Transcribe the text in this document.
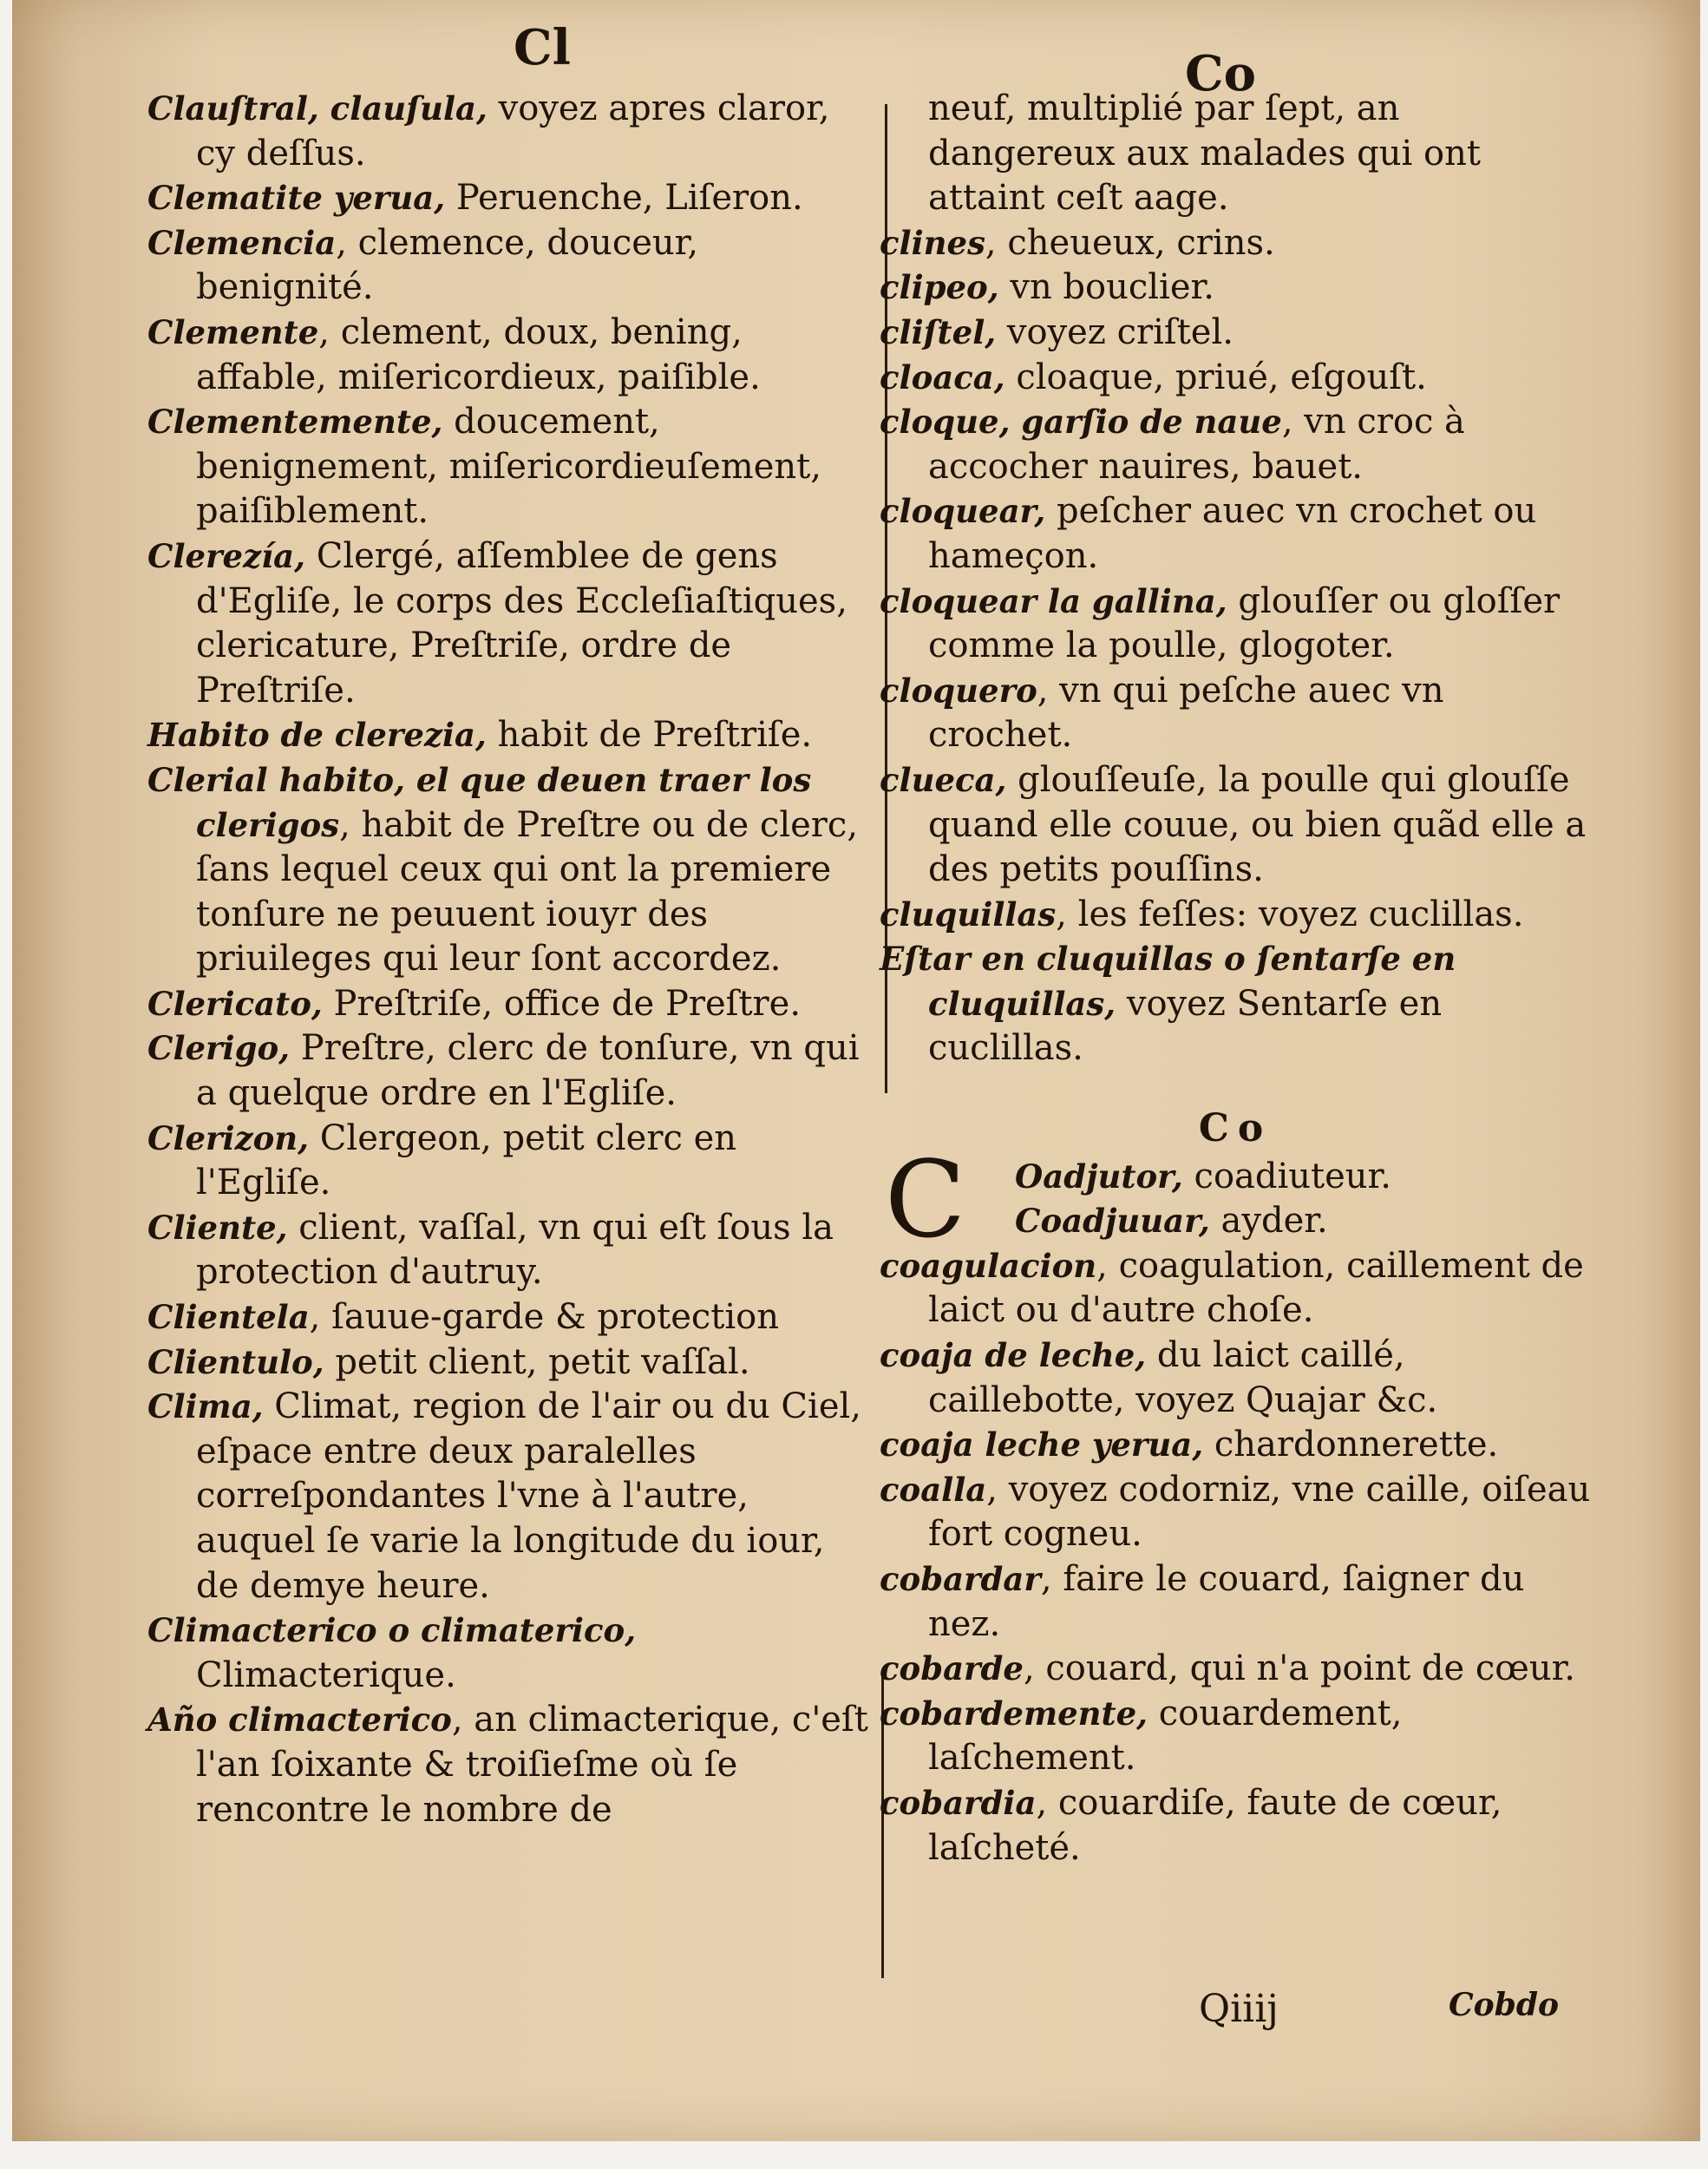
Cl	Co
Clauſtral, clauſula, voyez apres claror, cy deſſus.
Clematite yerua, Peruenche, Liſeron.
Clemencia, clemence, douceur, benignité.
Clemente, clement, doux, bening, affable, miſericordieux, paiſible.
Clementemente, doucement, benignement, miſericordieuſement, paiſiblement.
Clerezía, Clergé, aſſemblee de gens d'Egliſe, le corps des Eccleſiaſtiques, clericature, Preſtriſe, ordre de Preſtriſe.
Habito de clerezia, habit de Preſtriſe.
Clerial habito, el que deuen traer los clerigos, habit de Preſtre ou de clerc, ſans lequel ceux qui ont la premiere tonſure ne peuuent iouyr des priuileges qui leur ſont accordez.
Clericato, Preſtriſe, office de Preſtre.
Clerigo, Preſtre, clerc de tonſure, vn qui a quelque ordre en l'Egliſe.
Clerizon, Clergeon, petit clerc en l'Egliſe.
Cliente, client, vaſſal, vn qui eſt ſous la protection d'autruy.
Clientela, ſauue-garde & protection
Clientulo, petit client, petit vaſſal.
Clima, Climat, region de l'air ou du Ciel, eſpace entre deux paralelles correſpondantes l'vne à l'autre, auquel ſe varie la longitude du iour, de demye heure.
Climacterico o climaterico, Climacterique.
Año climacterico, an climacterique, c'eſt l'an ſoixante & troiſieſme où ſe rencontre le nombre de
neuf, multiplié par ſept, an dangereux aux malades qui ont attaint ceſt aage.
clines, cheueux, crins.
clipeo, vn bouclier.
cliſtel, voyez criſtel.
cloaca, cloaque, priué, eſgouſt.
cloque, garſio de naue, vn croc à accocher nauires, bauet.
cloquear, peſcher auec vn crochet ou hameçon.
cloquear la gallina, glouſſer ou gloſſer comme la poulle, glogoter.
cloquero, vn qui peſche auec vn crochet.
clueca, glouſſeuſe, la poulle qui glouſſe quand elle couue, ou bien quãd elle a des petits pouſſins.
cluquillas, les feſſes: voyez cuclillas.
Eſtar en cluquillas o ſentarſe en cluquillas, voyez Sentarſe en cuclillas.
Co
C	Oadjutor, coadiuteur.
Coadjuuar, ayder.
coagulacion, coagulation, caillement de laict ou d'autre choſe.
coaja de leche, du laict caillé, caillebotte, voyez Quajar &c.
coaja leche yerua, chardonnerette.
coalla, voyez codorniz, vne caille, oiſeau fort cogneu.
cobardar, faire le couard, ſaigner du nez.
cobarde, couard, qui n'a point de cœur.
cobardemente, couardement, laſchement.
cobardia, couardiſe, faute de cœur, laſcheté.
Qiiij	Cobdo
